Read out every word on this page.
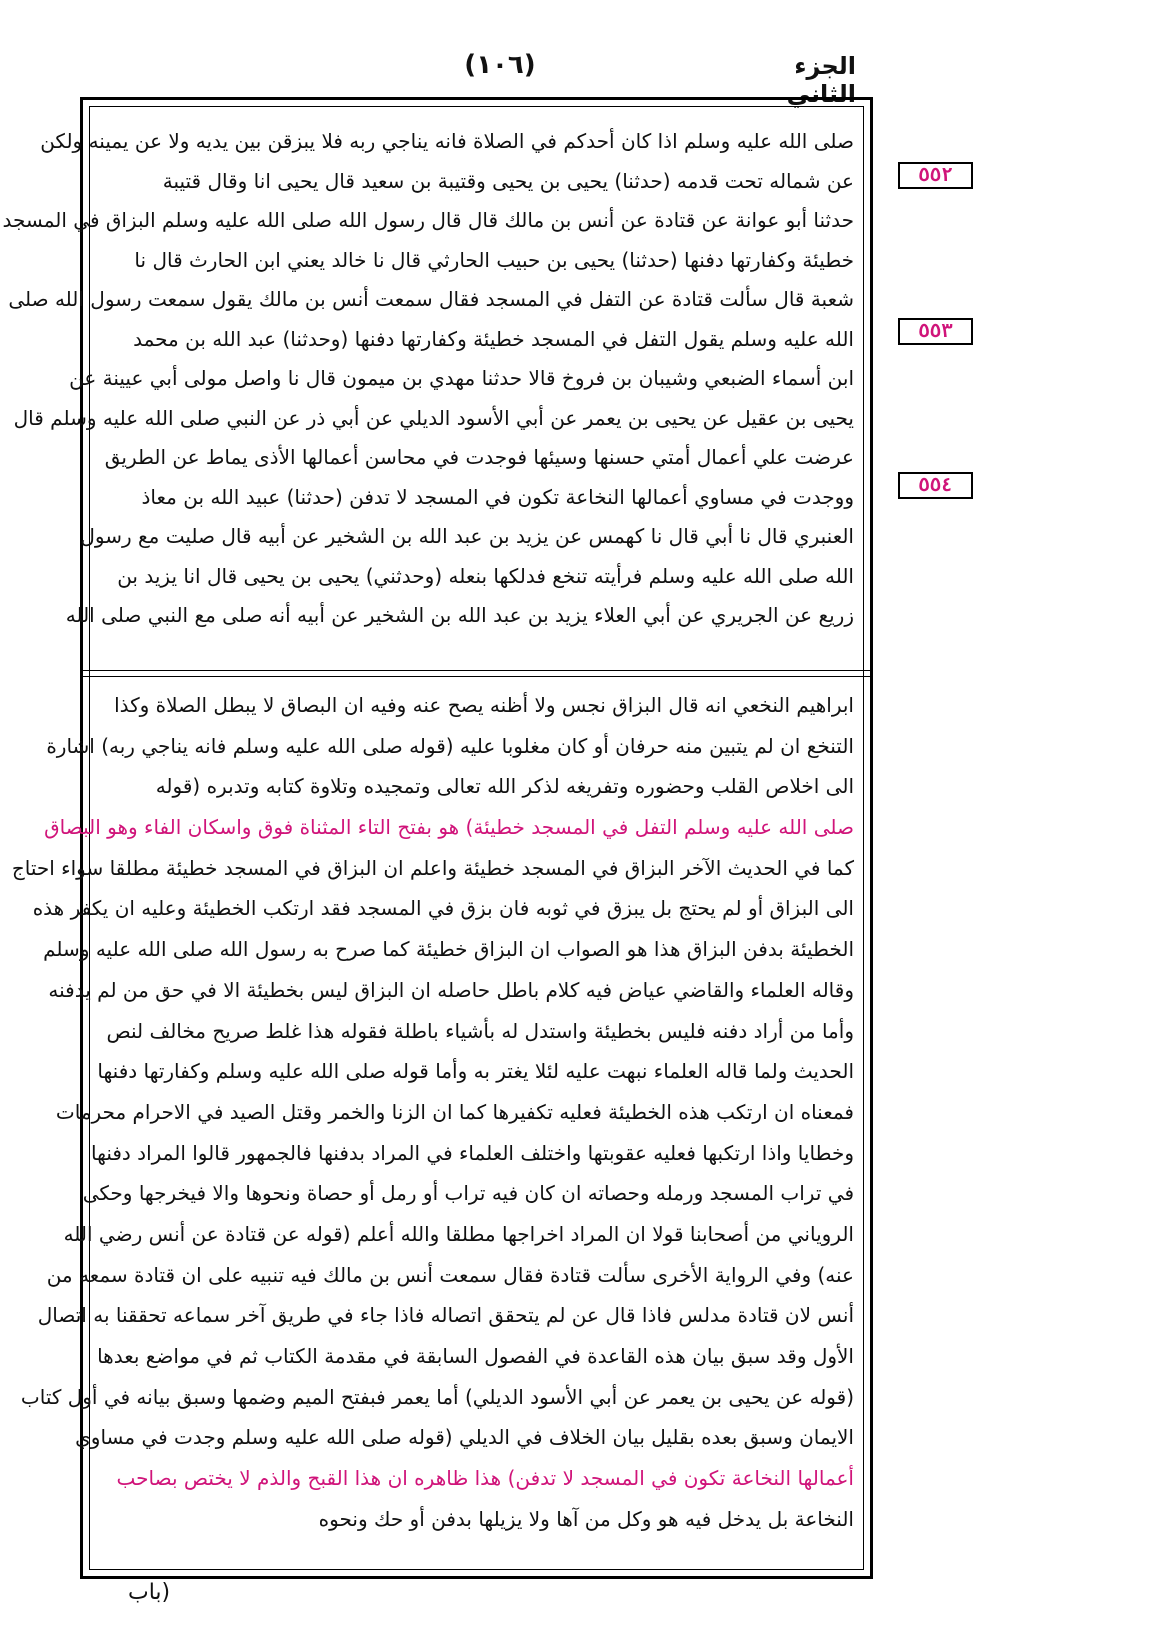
الجزء الثاني
(١٠٦)
٥٥٢
٥٥٣
٥٥٤
صلى الله عليه وسلم اذا كان أحدكم في الصلاة فانه يناجي ربه فلا يبزقن بين يديه ولا عن يمينه ولكن
عن شماله تحت قدمه (حدثنا) يحيى بن يحيى وقتيبة بن سعيد قال يحيى انا وقال قتيبة
حدثنا أبو عوانة عن قتادة عن أنس بن مالك قال قال رسول الله صلى الله عليه وسلم البزاق في المسجد
خطيئة وكفارتها دفنها (حدثنا) يحيى بن حبيب الحارثي قال نا خالد يعني ابن الحارث قال نا
شعبة قال سألت قتادة عن التفل في المسجد فقال سمعت أنس بن مالك يقول سمعت رسول الله صلى
الله عليه وسلم يقول التفل في المسجد خطيئة وكفارتها دفنها (وحدثنا) عبد الله بن محمد
ابن أسماء الضبعي وشيبان بن فروخ قالا حدثنا مهدي بن ميمون قال نا واصل مولى أبي عيينة عن
يحيى بن عقيل عن يحيى بن يعمر عن أبي الأسود الديلي عن أبي ذر عن النبي صلى الله عليه وسلم قال
عرضت علي أعمال أمتي حسنها وسيئها فوجدت في محاسن أعمالها الأذى يماط عن الطريق
ووجدت في مساوي أعمالها النخاعة تكون في المسجد لا تدفن (حدثنا) عبيد الله بن معاذ
العنبري قال نا أبي قال نا كهمس عن يزيد بن عبد الله بن الشخير عن أبيه قال صليت مع رسول
الله صلى الله عليه وسلم فرأيته تنخع فدلكها بنعله (وحدثني) يحيى بن يحيى قال انا يزيد بن
زريع عن الجريري عن أبي العلاء يزيد بن عبد الله بن الشخير عن أبيه أنه صلى مع النبي صلى الله
ابراهيم النخعي انه قال البزاق نجس ولا أظنه يصح عنه وفيه ان البصاق لا يبطل الصلاة وكذا
التنخع ان لم يتبين منه حرفان أو كان مغلوبا عليه (قوله صلى الله عليه وسلم فانه يناجي ربه) اشارة
الى اخلاص القلب وحضوره وتفريغه لذكر الله تعالى وتمجيده وتلاوة كتابه وتدبره (قوله
صلى الله عليه وسلم التفل في المسجد خطيئة) هو بفتح التاء المثناة فوق واسكان الفاء وهو البصاق
كما في الحديث الآخر البزاق في المسجد خطيئة واعلم ان البزاق في المسجد خطيئة مطلقا سواء احتاج
الى البزاق أو لم يحتج بل يبزق في ثوبه فان بزق في المسجد فقد ارتكب الخطيئة وعليه ان يكفر هذه
الخطيئة بدفن البزاق هذا هو الصواب ان البزاق خطيئة كما صرح به رسول الله صلى الله عليه وسلم
وقاله العلماء والقاضي عياض فيه كلام باطل حاصله ان البزاق ليس بخطيئة الا في حق من لم يدفنه
وأما من أراد دفنه فليس بخطيئة واستدل له بأشياء باطلة فقوله هذا غلط صريح مخالف لنص
الحديث ولما قاله العلماء نبهت عليه لئلا يغتر به وأما قوله صلى الله عليه وسلم وكفارتها دفنها
فمعناه ان ارتكب هذه الخطيئة فعليه تكفيرها كما ان الزنا والخمر وقتل الصيد في الاحرام محرمات
وخطايا واذا ارتكبها فعليه عقوبتها واختلف العلماء في المراد بدفنها فالجمهور قالوا المراد دفنها
في تراب المسجد ورمله وحصاته ان كان فيه تراب أو رمل أو حصاة ونحوها والا فيخرجها وحكى
الروياني من أصحابنا قولا ان المراد اخراجها مطلقا والله أعلم (قوله عن قتادة عن أنس رضي الله
عنه) وفي الرواية الأخرى سألت قتادة فقال سمعت أنس بن مالك فيه تنبيه على ان قتادة سمعه من
أنس لان قتادة مدلس فاذا قال عن لم يتحقق اتصاله فاذا جاء في طريق آخر سماعه تحققنا به اتصال
الأول وقد سبق بيان هذه القاعدة في الفصول السابقة في مقدمة الكتاب ثم في مواضع بعدها
(قوله عن يحيى بن يعمر عن أبي الأسود الديلي) أما يعمر فبفتح الميم وضمها وسبق بيانه في أول كتاب
الايمان وسبق بعده بقليل بيان الخلاف في الديلي (قوله صلى الله عليه وسلم وجدت في مساوي
أعمالها النخاعة تكون في المسجد لا تدفن) هذا ظاهره ان هذا القبح والذم لا يختص بصاحب
النخاعة بل يدخل فيه هو وكل من آها ولا يزيلها بدفن أو حك ونحوه
(باب
